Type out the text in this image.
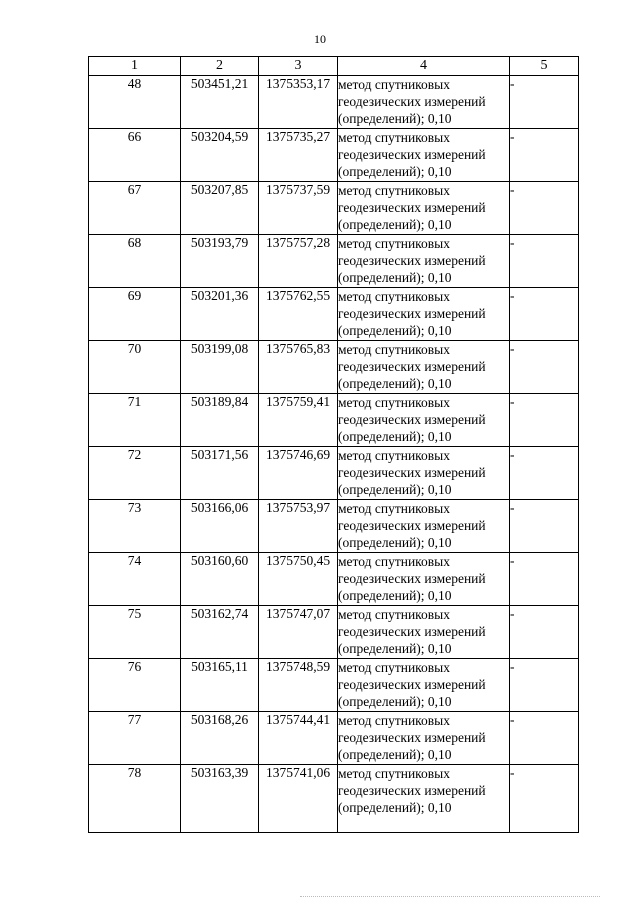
10
1	2	3	4	5
48	503451,21	1375353,17	метод спутниковых геодезических измерений (определений); 0,10	-
66	503204,59	1375735,27	метод спутниковых геодезических измерений (определений); 0,10	-
67	503207,85	1375737,59	метод спутниковых геодезических измерений (определений); 0,10	-
68	503193,79	1375757,28	метод спутниковых геодезических измерений (определений); 0,10	-
69	503201,36	1375762,55	метод спутниковых геодезических измерений (определений); 0,10	-
70	503199,08	1375765,83	метод спутниковых геодезических измерений (определений); 0,10	-
71	503189,84	1375759,41	метод спутниковых геодезических измерений (определений); 0,10	-
72	503171,56	1375746,69	метод спутниковых геодезических измерений (определений); 0,10	-
73	503166,06	1375753,97	метод спутниковых геодезических измерений (определений); 0,10	-
74	503160,60	1375750,45	метод спутниковых геодезических измерений (определений); 0,10	-
75	503162,74	1375747,07	метод спутниковых геодезических измерений (определений); 0,10	-
76	503165,11	1375748,59	метод спутниковых геодезических измерений (определений); 0,10	-
77	503168,26	1375744,41	метод спутниковых геодезических измерений (определений); 0,10	-
78	503163,39	1375741,06	метод спутниковых геодезических измерений (определений); 0,10	-
